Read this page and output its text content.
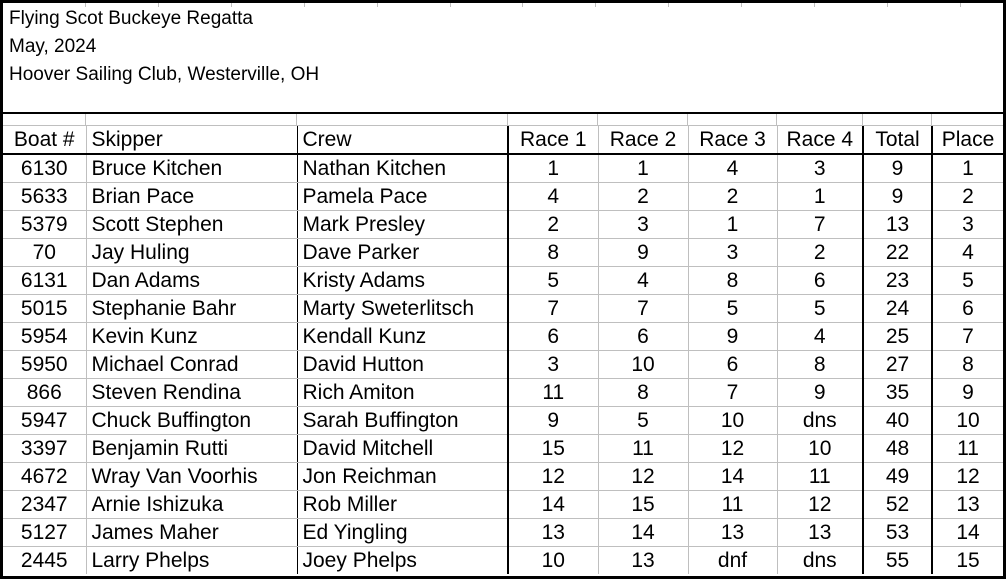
Flying Scot Buckeye Regatta
May, 2024
Hoover Sailing Club, Westerville, OH
Boat #	Skipper	Crew	Race 1	Race 2	Race 3	Race 4	Total	Place
6130	Bruce Kitchen	Nathan Kitchen	1	1	4	3	9	1
5633	Brian Pace	Pamela Pace	4	2	2	1	9	2
5379	Scott Stephen	Mark Presley	2	3	1	7	13	3
70	Jay Huling	Dave Parker	8	9	3	2	22	4
6131	Dan Adams	Kristy Adams	5	4	8	6	23	5
5015	Stephanie Bahr	Marty Sweterlitsch	7	7	5	5	24	6
5954	Kevin Kunz	Kendall Kunz	6	6	9	4	25	7
5950	Michael Conrad	David Hutton	3	10	6	8	27	8
866	Steven Rendina	Rich Amiton	11	8	7	9	35	9
5947	Chuck Buffington	Sarah Buffington	9	5	10	dns	40	10
3397	Benjamin Rutti	David Mitchell	15	11	12	10	48	11
4672	Wray Van Voorhis	Jon Reichman	12	12	14	11	49	12
2347	Arnie Ishizuka	Rob Miller	14	15	11	12	52	13
5127	James Maher	Ed Yingling	13	14	13	13	53	14
2445	Larry Phelps	Joey Phelps	10	13	dnf	dns	55	15
